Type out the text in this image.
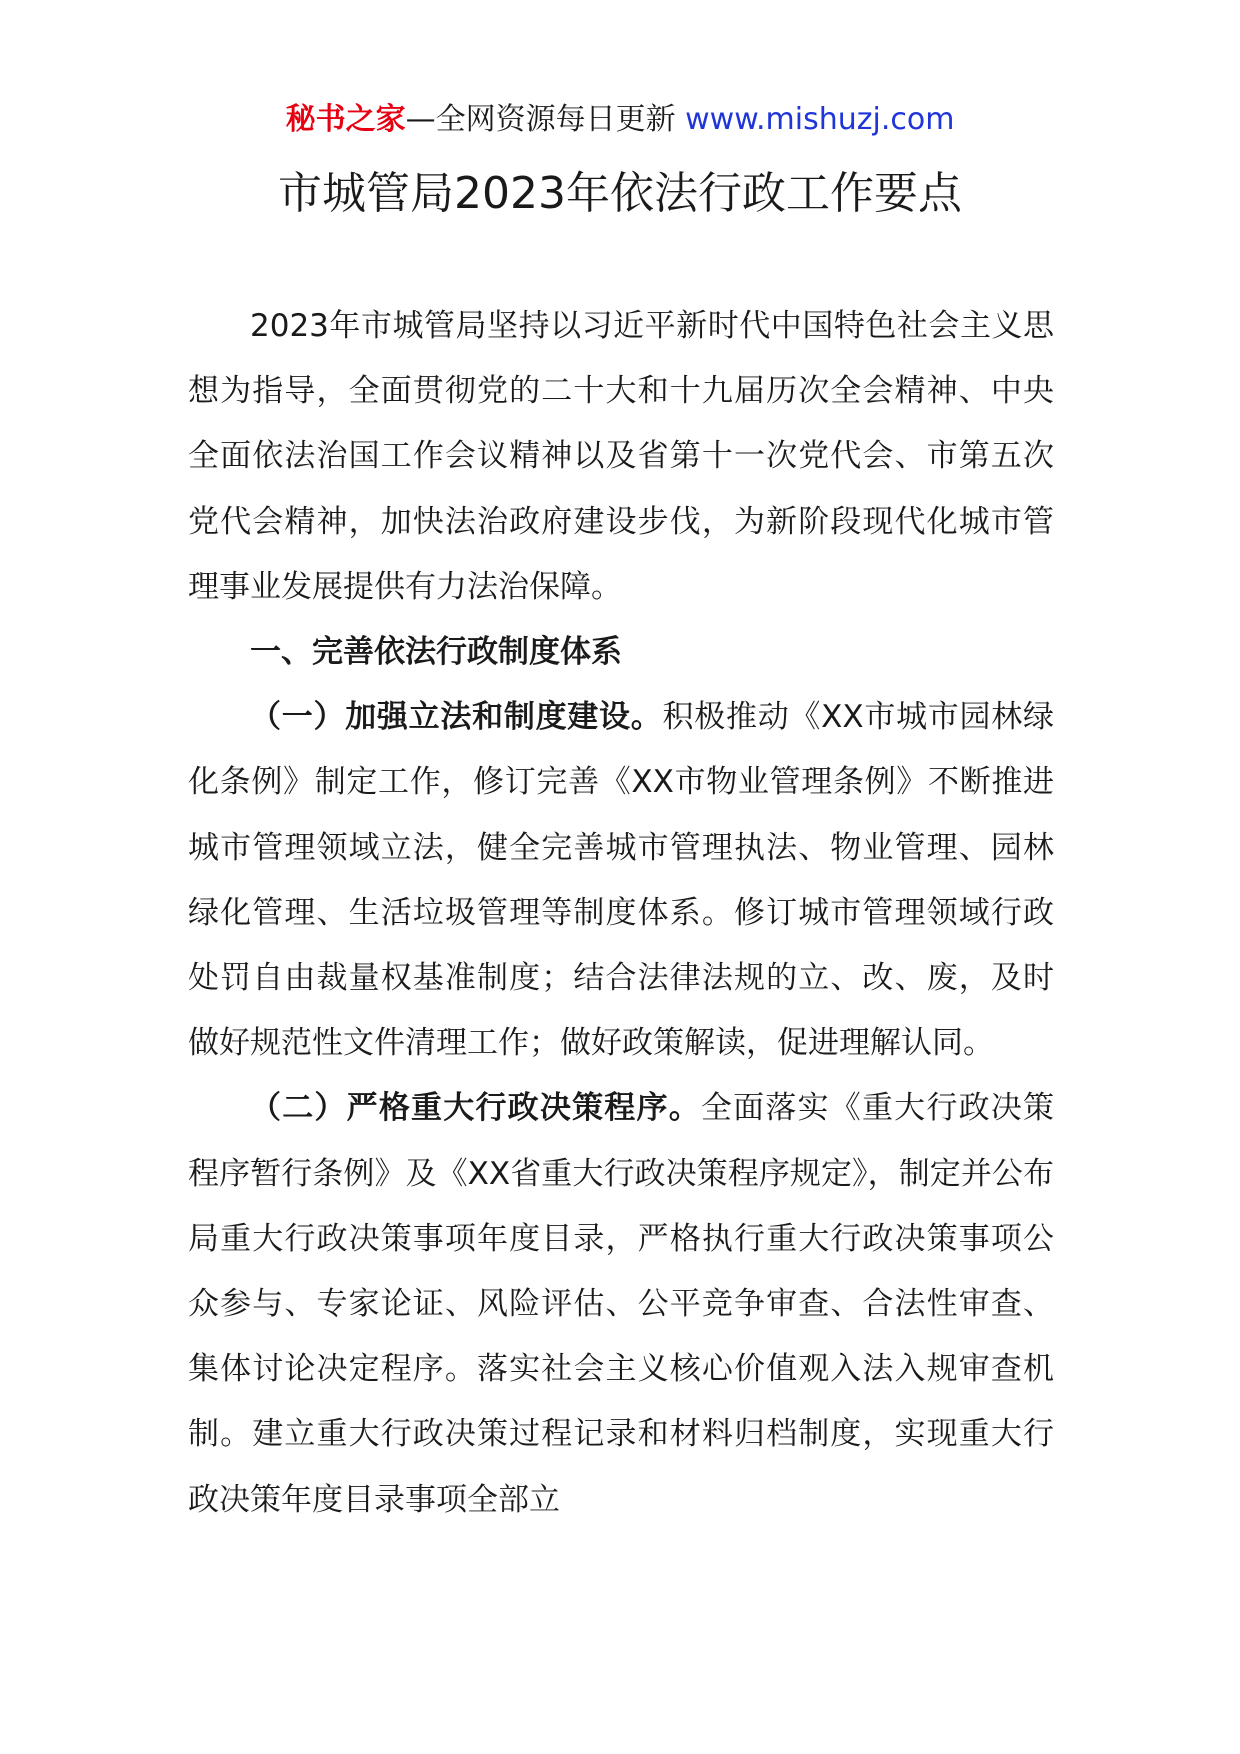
秘书之家—全网资源每日更新 www.mishuzj.com
市城管局2023年依法行政工作要点

2023年市城管局坚持以习近平新时代中国特色社会主义思想为指导，全面贯彻党的二十大和十九届历次全会精神、中央全面依法治国工作会议精神以及省第十一次党代会、市第五次党代会精神，加快法治政府建设步伐，为新阶段现代化城市管理事业发展提供有力法治保障。

一、完善依法行政制度体系

（一）加强立法和制度建设。积极推动《XX市城市园林绿化条例》制定工作，修订完善《XX市物业管理条例》不断推进城市管理领域立法，健全完善城市管理执法、物业管理、园林绿化管理、生活垃圾管理等制度体系。修订城市管理领域行政处罚自由裁量权基准制度；结合法律法规的立、改、废，及时做好规范性文件清理工作；做好政策解读，促进理解认同。

（二）严格重大行政决策程序。全面落实《重大行政决策程序暂行条例》及《XX省重大行政决策程序规定》，制定并公布局重大行政决策事项年度目录，严格执行重大行政决策事项公众参与、专家论证、风险评估、公平竞争审查、合法性审查、集体讨论决定程序。落实社会主义核心价值观入法入规审查机制。建立重大行政决策过程记录和材料归档制度，实现重大行政决策年度目录事项全部立
